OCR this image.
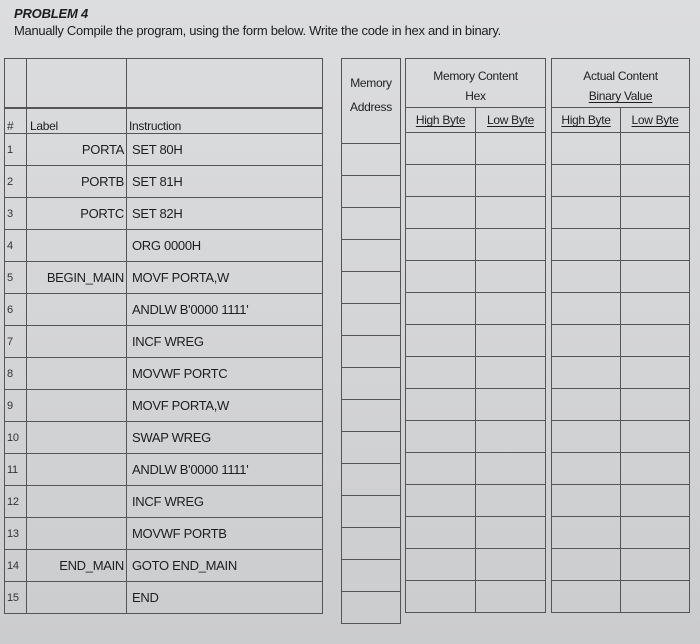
PROBLEM 4
Manually Compile the program, using the form below. Write the code in hex and in binary.

#	Label	Instruction
1	PORTA	SET 80H
2	PORTB	SET 81H
3	PORTC	SET 82H
4		ORG 0000H
5	BEGIN_MAIN	MOVF PORTA,W
6		ANDLW B'0000 1111'
7		INCF WREG
8		MOVWF PORTC
9		MOVF PORTA,W
10		SWAP WREG
11		ANDLW B'0000 1111'
12		INCF WREG
13		MOVWF PORTB
14	END_MAIN	GOTO END_MAIN
15		END
Memory
Address

Memory Content
Hex	

High Byte	Low Byte

Actual Content
Binary Value	

High Byte	Low Byte
